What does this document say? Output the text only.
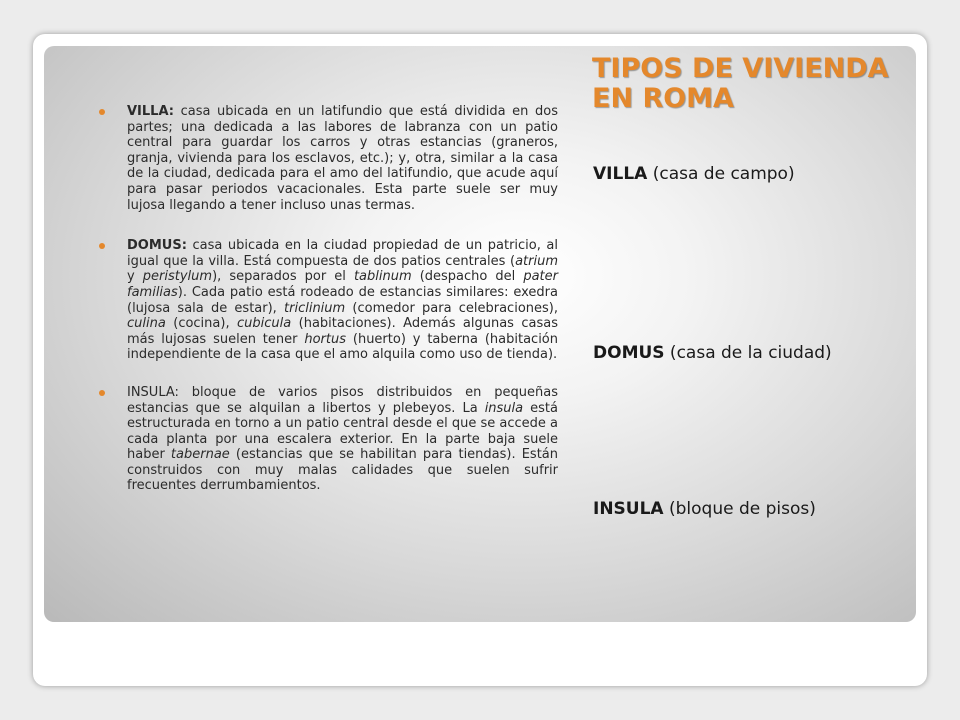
TIPOS DE VIVIENDA EN ROMA
VILLA: casa ubicada en un latifundio que está dividida en dos partes; una dedicada a las labores de labranza con un patio central para guardar los carros y otras estancias (graneros, granja, vivienda para los esclavos, etc.); y, otra, similar a la casa de la ciudad, dedicada para el amo del latifundio, que acude aquí para pasar periodos vacacionales. Esta parte suele ser muy lujosa llegando a tener incluso unas termas.
DOMUS: casa ubicada en la ciudad propiedad de un patricio, al igual que la villa. Está compuesta de dos patios centrales (atrium y peristylum), separados por el tablinum (despacho del pater familias). Cada patio está rodeado de estancias similares: exedra (lujosa sala de estar), triclinium (comedor para celebraciones), culina (cocina), cubicula (habitaciones). Además algunas casas más lujosas suelen tener hortus (huerto) y taberna (habitación independiente de la casa que el amo alquila como uso de tienda).
INSULA: bloque de varios pisos distribuidos en pequeñas estancias que se alquilan a libertos y plebeyos. La insula está estructurada en torno a un patio central desde el que se accede a cada planta por una escalera exterior. En la parte baja suele haber tabernae (estancias que se habilitan para tiendas). Están construidos con muy malas calidades que suelen sufrir frecuentes derrumbamientos.
VILLA (casa de campo)
DOMUS (casa de la ciudad)
INSULA (bloque de pisos)
